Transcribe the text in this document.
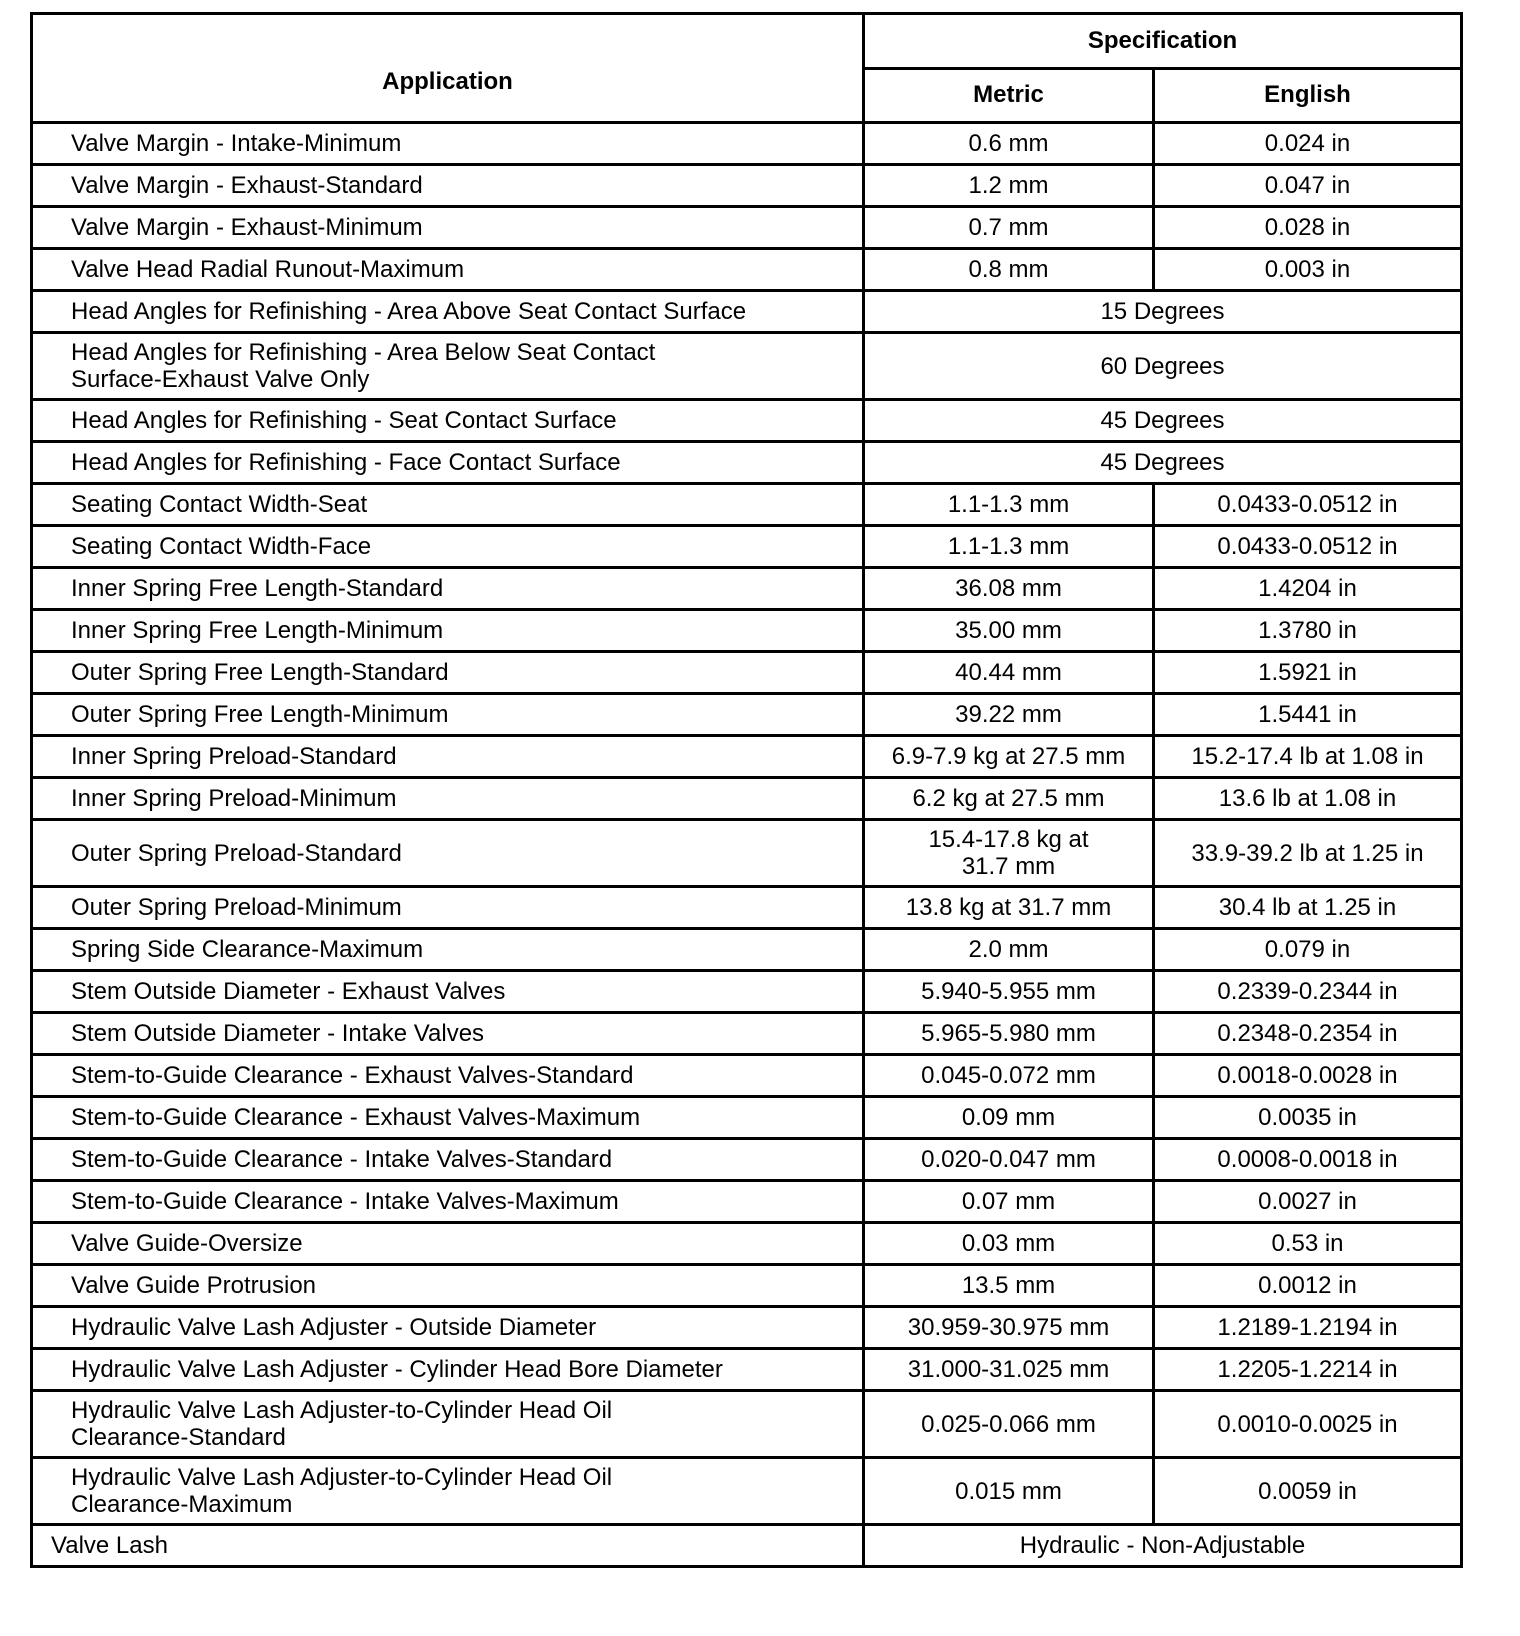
Application	Specification	
	Metric	English
Valve Margin - Intake-Minimum	0.6 mm	0.024 in
Valve Margin - Exhaust-Standard	1.2 mm	0.047 in
Valve Margin - Exhaust-Minimum	0.7 mm	0.028 in
Valve Head Radial Runout-Maximum	0.8 mm	0.003 in
Head Angles for Refinishing - Area Above Seat Contact Surface	15 Degrees	
Head Angles for Refinishing - Area Below Seat Contact Surface-Exhaust Valve Only	60 Degrees	
Head Angles for Refinishing - Seat Contact Surface	45 Degrees	
Head Angles for Refinishing - Face Contact Surface	45 Degrees	
Seating Contact Width-Seat	1.1-1.3 mm	0.0433-0.0512 in
Seating Contact Width-Face	1.1-1.3 mm	0.0433-0.0512 in
Inner Spring Free Length-Standard	36.08 mm	1.4204 in
Inner Spring Free Length-Minimum	35.00 mm	1.3780 in
Outer Spring Free Length-Standard	40.44 mm	1.5921 in
Outer Spring Free Length-Minimum	39.22 mm	1.5441 in
Inner Spring Preload-Standard	6.9-7.9 kg at 27.5 mm	15.2-17.4 lb at 1.08 in
Inner Spring Preload-Minimum	6.2 kg at 27.5 mm	13.6 lb at 1.08 in
Outer Spring Preload-Standard	15.4-17.8 kg at 31.7 mm	33.9-39.2 lb at 1.25 in
Outer Spring Preload-Minimum	13.8 kg at 31.7 mm	30.4 lb at 1.25 in
Spring Side Clearance-Maximum	2.0 mm	0.079 in
Stem Outside Diameter - Exhaust Valves	5.940-5.955 mm	0.2339-0.2344 in
Stem Outside Diameter - Intake Valves	5.965-5.980 mm	0.2348-0.2354 in
Stem-to-Guide Clearance - Exhaust Valves-Standard	0.045-0.072 mm	0.0018-0.0028 in
Stem-to-Guide Clearance - Exhaust Valves-Maximum	0.09 mm	0.0035 in
Stem-to-Guide Clearance - Intake Valves-Standard	0.020-0.047 mm	0.0008-0.0018 in
Stem-to-Guide Clearance - Intake Valves-Maximum	0.07 mm	0.0027 in
Valve Guide-Oversize	0.03 mm	0.53 in
Valve Guide Protrusion	13.5 mm	0.0012 in
Hydraulic Valve Lash Adjuster - Outside Diameter	30.959-30.975 mm	1.2189-1.2194 in
Hydraulic Valve Lash Adjuster - Cylinder Head Bore Diameter	31.000-31.025 mm	1.2205-1.2214 in
Hydraulic Valve Lash Adjuster-to-Cylinder Head Oil Clearance-Standard	0.025-0.066 mm	0.0010-0.0025 in
Hydraulic Valve Lash Adjuster-to-Cylinder Head Oil Clearance-Maximum	0.015 mm	0.0059 in
Valve Lash	Hydraulic - Non-Adjustable	
